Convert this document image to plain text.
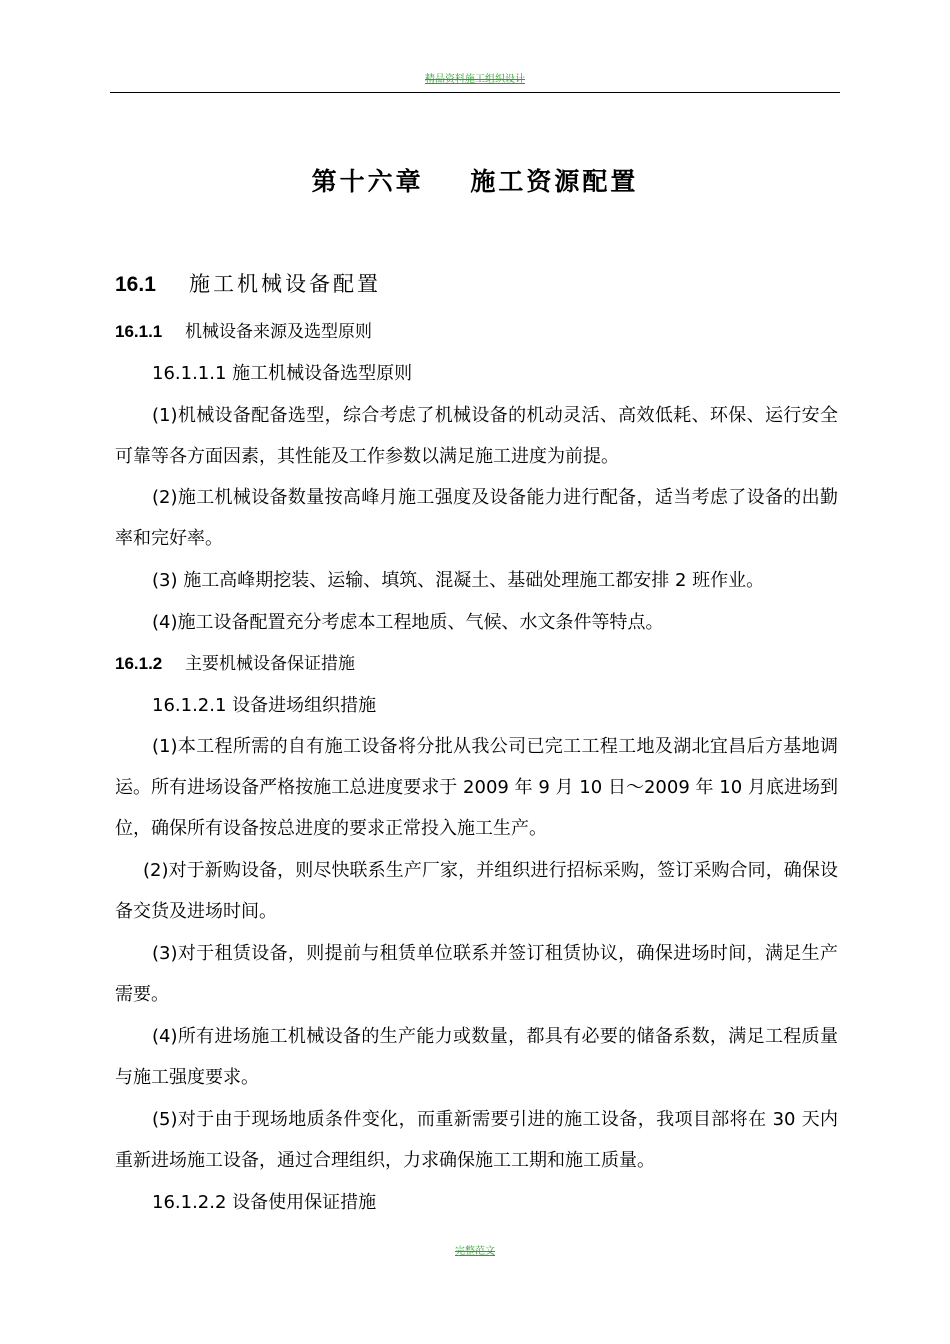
精品资料施工组织设计
第十六章    施工资源配置
16.1 施工机械设备配置
16.1.1 机械设备来源及选型原则
16.1.1.1 施工机械设备选型原则
(1)机械设备配备选型，综合考虑了机械设备的机动灵活、高效低耗、环保、运行安全可靠等各方面因素，其性能及工作参数以满足施工进度为前提。
(2)施工机械设备数量按高峰月施工强度及设备能力进行配备，适当考虑了设备的出勤率和完好率。
(3) 施工高峰期挖装、运输、填筑、混凝土、基础处理施工都安排 2 班作业。
(4)施工设备配置充分考虑本工程地质、气候、水文条件等特点。
16.1.2 主要机械设备保证措施
16.1.2.1 设备进场组织措施
(1)本工程所需的自有施工设备将分批从我公司已完工工程工地及湖北宜昌后方基地调运。所有进场设备严格按施工总进度要求于 2009 年 9 月 10 日～2009 年 10 月底进场到位，确保所有设备按总进度的要求正常投入施工生产。
(2)对于新购设备，则尽快联系生产厂家，并组织进行招标采购，签订采购合同，确保设备交货及进场时间。
(3)对于租赁设备，则提前与租赁单位联系并签订租赁协议，确保进场时间，满足生产需要。
(4)所有进场施工机械设备的生产能力或数量，都具有必要的储备系数，满足工程质量与施工强度要求。
(5)对于由于现场地质条件变化，而重新需要引进的施工设备，我项目部将在 30 天内重新进场施工设备，通过合理组织，力求确保施工工期和施工质量。
16.1.2.2 设备使用保证措施
完整范文
